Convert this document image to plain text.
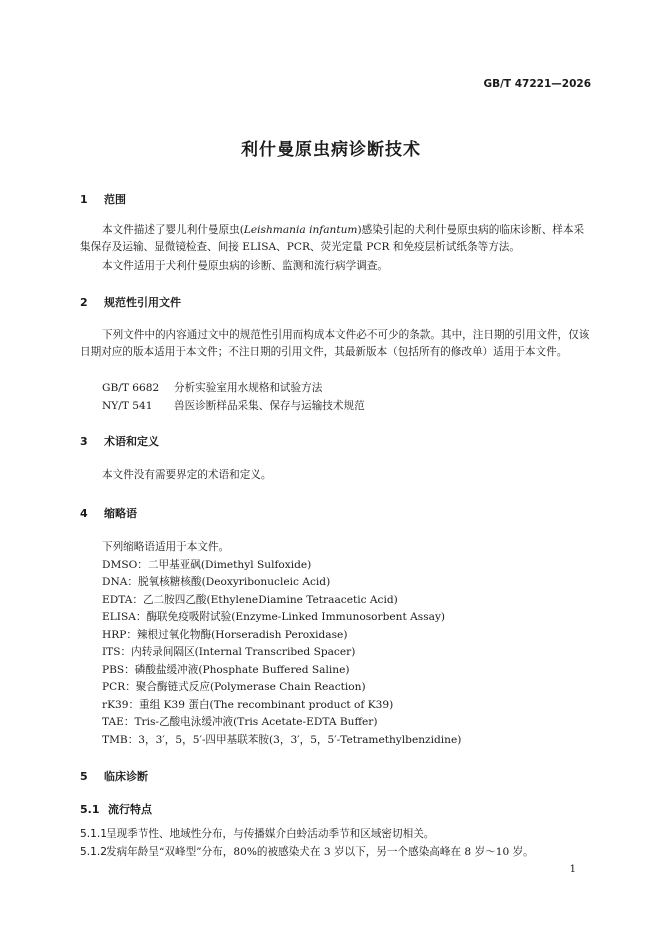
GB/T 47221—2026
利什曼原虫病诊断技术
1 范围
本文件描述了婴儿利什曼原虫(Leishmania infantum)感染引起的犬利什曼原虫病的临床诊断、样本采集保存及运输、显微镜检查、间接 ELISA、PCR、荧光定量 PCR 和免疫层析试纸条等方法。
本文件适用于犬利什曼原虫病的诊断、监测和流行病学调查。
2 规范性引用文件
下列文件中的内容通过文中的规范性引用而构成本文件必不可少的条款。其中，注日期的引用文件，仅该日期对应的版本适用于本文件；不注日期的引用文件，其最新版本（包括所有的修改单）适用于本文件。
GB/T 6682 分析实验室用水规格和试验方法
NY/T 541 兽医诊断样品采集、保存与运输技术规范
3 术语和定义
本文件没有需要界定的术语和定义。
4 缩略语
下列缩略语适用于本文件。
DMSO：二甲基亚砜(Dimethyl Sulfoxide)
DNA：脱氧核糖核酸(Deoxyribonucleic Acid)
EDTA：乙二胺四乙酸(EthyleneDiamine Tetraacetic Acid)
ELISA：酶联免疫吸附试验(Enzyme-Linked Immunosorbent Assay)
HRP：辣根过氧化物酶(Horseradish Peroxidase)
ITS：内转录间隔区(Internal Transcribed Spacer)
PBS：磷酸盐缓冲液(Phosphate Buffered Saline)
PCR：聚合酶链式反应(Polymerase Chain Reaction)
rK39：重组 K39 蛋白(The recombinant product of K39)
TAE：Tris-乙酸电泳缓冲液(Tris Acetate-EDTA Buffer)
TMB：3，3′，5，5′-四甲基联苯胺(3，3′，5，5′-Tetramethylbenzidine)
5 临床诊断
5.1 流行特点
5.1.1呈现季节性、地域性分布，与传播媒介白蛉活动季节和区域密切相关。
5.1.2发病年龄呈“双峰型”分布，80%的被感染犬在 3 岁以下，另一个感染高峰在 8 岁～10 岁。
1
